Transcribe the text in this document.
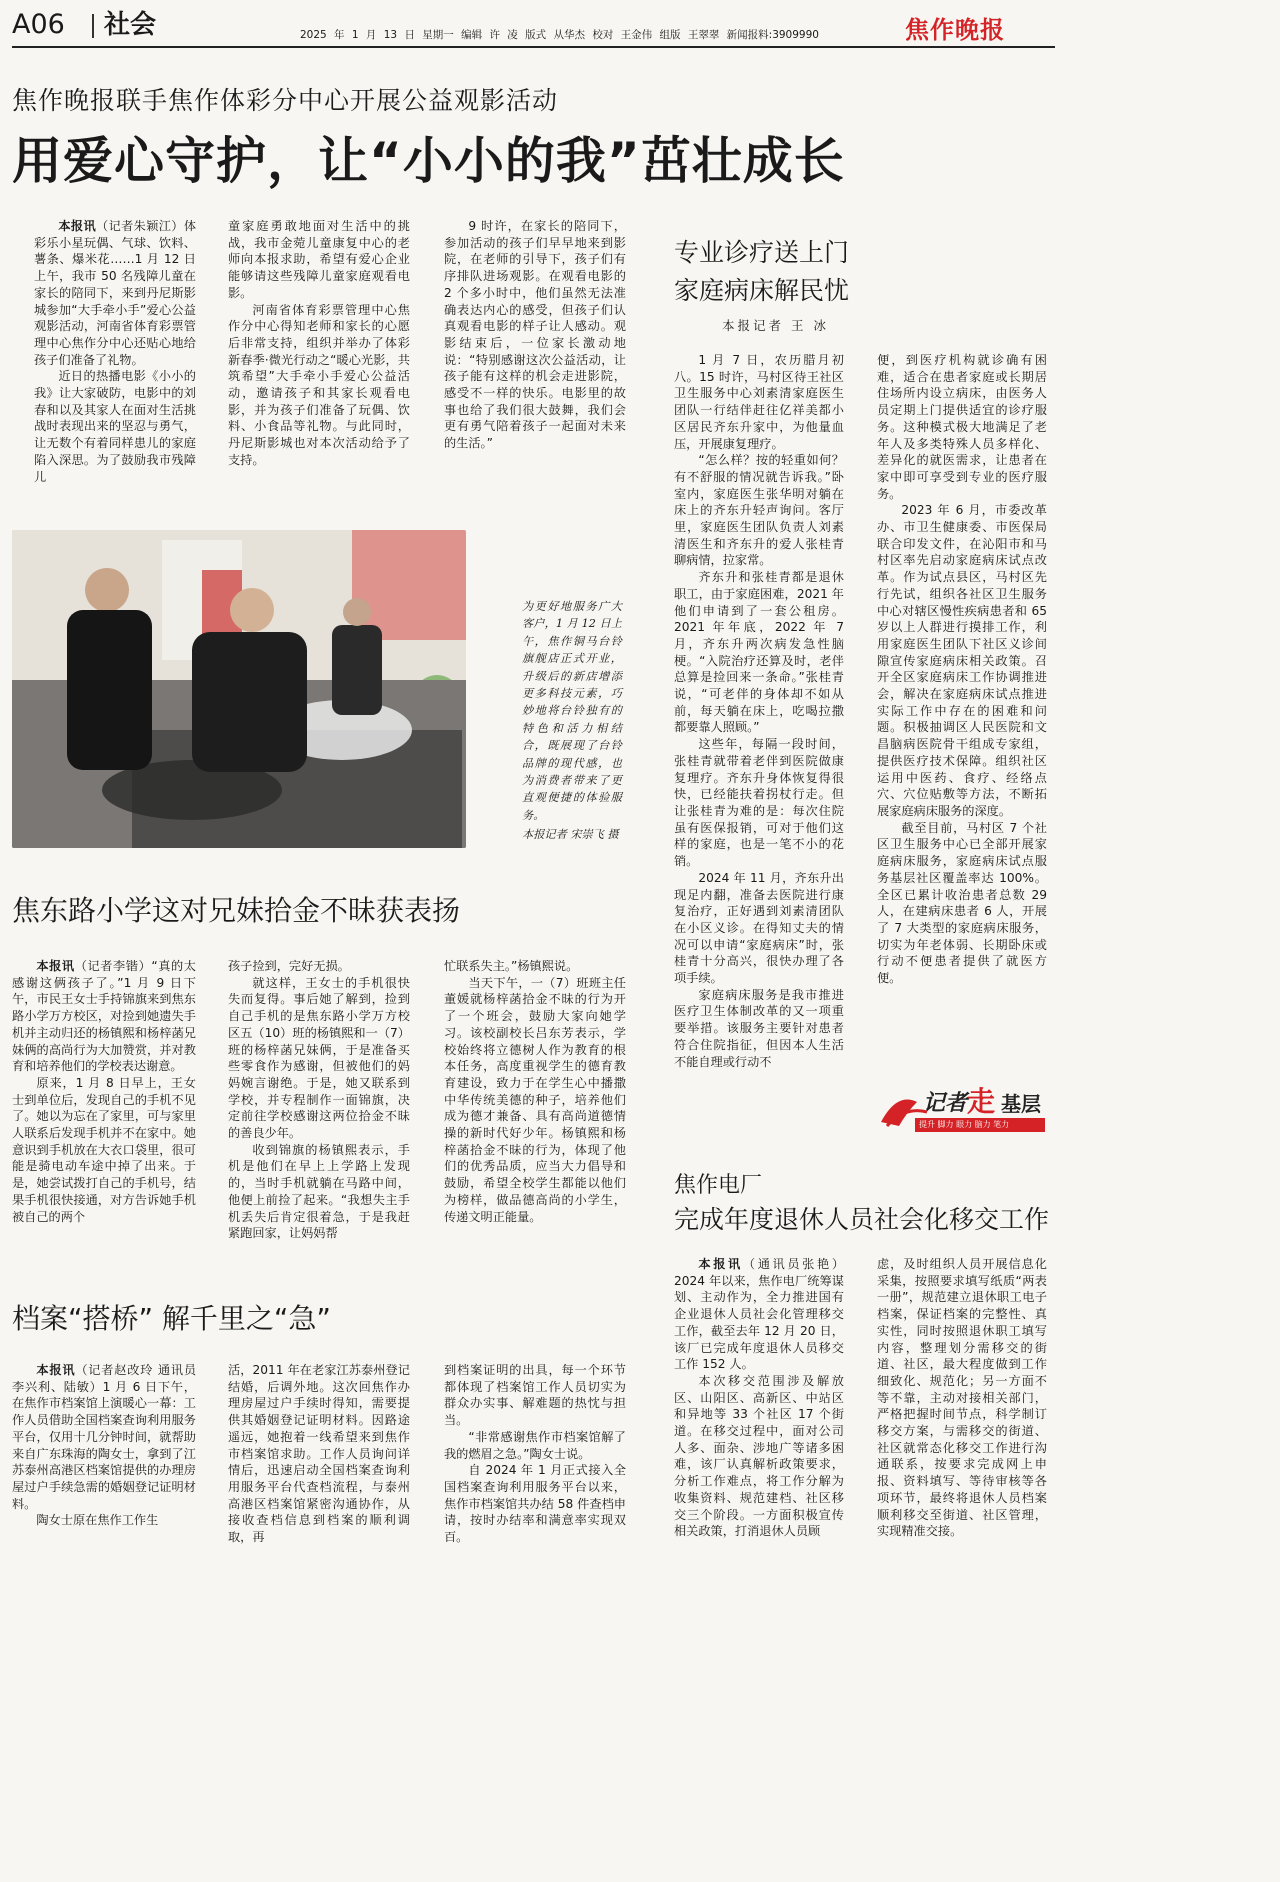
A06 社会	2025 年 1 月 13 日 星期一 编辑 许 凌 版式 从华杰 校对 王金伟 组版 王翠翠 新闻报料:3909990	焦作晚报
焦作晚报联手焦作体彩分中心开展公益观影活动
用爱心守护，让“小小的我”茁壮成长

本报讯（记者朱颖江）体彩乐小星玩偶、气球、饮料、薯条、爆米花……1 月 12 日上午，我市 50 名残障儿童在家长的陪同下，来到丹尼斯影城参加“大手牵小手”爱心公益观影活动，河南省体育彩票管理中心焦作分中心还贴心地给孩子们准备了礼物。

近日的热播电影《小小的我》让大家破防，电影中的刘春和以及其家人在面对生活挑战时表现出来的坚忍与勇气，让无数个有着同样患儿的家庭陷入深思。为了鼓励我市残障儿

童家庭勇敢地面对生活中的挑战，我市金菀儿童康复中心的老师向本报求助，希望有爱心企业能够请这些残障儿童家庭观看电影。

河南省体育彩票管理中心焦作分中心得知老师和家长的心愿后非常支持，组织并举办了体彩新春季·微光行动之“暖心光影，共筑希望”大手牵小手爱心公益活动，邀请孩子和其家长观看电影，并为孩子们准备了玩偶、饮料、小食品等礼物。与此同时，丹尼斯影城也对本次活动给予了支持。

9 时许，在家长的陪同下，参加活动的孩子们早早地来到影院，在老师的引导下，孩子们有序排队进场观影。在观看电影的 2 个多小时中，他们虽然无法准确表达内心的感受，但孩子们认真观看电影的样子让人感动。观影结束后，一位家长激动地说：“特别感谢这次公益活动，让孩子能有这样的机会走进影院，感受不一样的快乐。电影里的故事也给了我们很大鼓舞，我们会更有勇气陪着孩子一起面对未来的生活。”

为更好地服务广大客户，1 月 12 日上午，焦作铜马台铃旗舰店正式开业，升级后的新店增添更多科技元素，巧妙地将台铃独有的特色和活力相结合，既展现了台铃品牌的现代感，也为消费者带来了更直观便捷的体验服务。
本报记者 宋崇飞 摄
焦东路小学这对兄妹拾金不昧获表扬

本报讯（记者李锴）“真的太感谢这俩孩子了。”1 月 9 日下午，市民王女士手持锦旗来到焦东路小学万方校区，对捡到她遗失手机并主动归还的杨镇熙和杨梓菡兄妹俩的高尚行为大加赞赏，并对教育和培养他们的学校表达谢意。

原来，1 月 8 日早上，王女士到单位后，发现自己的手机不见了。她以为忘在了家里，可与家里人联系后发现手机并不在家中。她意识到手机放在大衣口袋里，很可能是骑电动车途中掉了出来。于是，她尝试拨打自己的手机号，结果手机很快接通，对方告诉她手机被自己的两个

孩子捡到，完好无损。

就这样，王女士的手机很快失而复得。事后她了解到，捡到自己手机的是焦东路小学万方校区五（10）班的杨镇熙和一（7）班的杨梓菡兄妹俩，于是准备买些零食作为感谢，但被他们的妈妈婉言谢绝。于是，她又联系到学校，并专程制作一面锦旗，决定前往学校感谢这两位拾金不昧的善良少年。

收到锦旗的杨镇熙表示，手机是他们在早上上学路上发现的，当时手机就躺在马路中间，他便上前捡了起来。“我想失主手机丢失后肯定很着急，于是我赶紧跑回家，让妈妈帮

忙联系失主。”杨镇熙说。

当天下午，一（7）班班主任董媛就杨梓菡拾金不昧的行为开了一个班会，鼓励大家向她学习。该校副校长吕东芳表示，学校始终将立德树人作为教育的根本任务，高度重视学生的德育教育建设，致力于在学生心中播撒中华传统美德的种子，培养他们成为德才兼备、具有高尚道德情操的新时代好少年。杨镇熙和杨梓菡拾金不昧的行为，体现了他们的优秀品质，应当大力倡导和鼓励，希望全校学生都能以他们为榜样，做品德高尚的小学生，传递文明正能量。

档案“搭桥” 解千里之“急”

本报讯（记者赵改玲 通讯员李兴利、陆敏）1 月 6 日下午，在焦作市档案馆上演暖心一幕：工作人员借助全国档案查询利用服务平台，仅用十几分钟时间，就帮助来自广东珠海的陶女士，拿到了江苏泰州高港区档案馆提供的办理房屋过户手续急需的婚姻登记证明材料。

陶女士原在焦作工作生

活，2011 年在老家江苏泰州登记结婚，后调外地。这次回焦作办理房屋过户手续时得知，需要提供其婚姻登记证明材料。因路途遥远，她抱着一线希望来到焦作市档案馆求助。工作人员询问详情后，迅速启动全国档案查询利用服务平台代查档流程，与泰州高港区档案馆紧密沟通协作，从接收查档信息到档案的顺利调取，再

到档案证明的出具，每一个环节都体现了档案馆工作人员切实为群众办实事、解难题的热忱与担当。

“非常感谢焦作市档案馆解了我的燃眉之急。”陶女士说。

自 2024 年 1 月正式接入全国档案查询利用服务平台以来，焦作市档案馆共办结 58 件查档申请，按时办结率和满意率实现双百。

专业诊疗送上门
家庭病床解民忧
本报记者 王 冰

1 月 7 日，农历腊月初八。15 时许，马村区待王社区卫生服务中心刘素清家庭医生团队一行结伴赶往亿祥美都小区居民齐东升家中，为他量血压，开展康复理疗。

“怎么样？按的轻重如何？有不舒服的情况就告诉我。”卧室内，家庭医生张华明对躺在床上的齐东升轻声询问。客厅里，家庭医生团队负责人刘素清医生和齐东升的爱人张桂青聊病情，拉家常。

齐东升和张桂青都是退休职工，由于家庭困难，2021 年他们申请到了一套公租房。2021 年年底，2022 年 7 月，齐东升两次病发急性脑梗。“入院治疗还算及时，老伴总算是捡回来一条命。”张桂青说，“可老伴的身体却不如从前，每天躺在床上，吃喝拉撒都要靠人照顾。”

这些年，每隔一段时间，张桂青就带着老伴到医院做康复理疗。齐东升身体恢复得很快，已经能扶着拐杖行走。但让张桂青为难的是：每次住院虽有医保报销，可对于他们这样的家庭，也是一笔不小的花销。

2024 年 11 月，齐东升出现足内翻，准备去医院进行康复治疗，正好遇到刘素清团队在小区义诊。在得知丈夫的情况可以申请“家庭病床”时，张桂青十分高兴，很快办理了各项手续。

家庭病床服务是我市推进医疗卫生体制改革的又一项重要举措。该服务主要针对患者符合住院指征，但因本人生活不能自理或行动不

便，到医疗机构就诊确有困难，适合在患者家庭或长期居住场所内设立病床，由医务人员定期上门提供适宜的诊疗服务。这种模式极大地满足了老年人及多类特殊人员多样化、差异化的就医需求，让患者在家中即可享受到专业的医疗服务。

2023 年 6 月，市委改革办、市卫生健康委、市医保局联合印发文件，在沁阳市和马村区率先启动家庭病床试点改革。作为试点县区，马村区先行先试，组织各社区卫生服务中心对辖区慢性疾病患者和 65 岁以上人群进行摸排工作，利用家庭医生团队下社区义诊间隙宣传家庭病床相关政策。召开全区家庭病床工作协调推进会，解决在家庭病床试点推进实际工作中存在的困难和问题。积极抽调区人民医院和文昌脑病医院骨干组成专家组，提供医疗技术保障。组织社区运用中医药、食疗、经络点穴、穴位贴敷等方法，不断拓展家庭病床服务的深度。

截至目前，马村区 7 个社区卫生服务中心已全部开展家庭病床服务，家庭病床试点服务基层社区覆盖率达 100%。全区已累计收治患者总数 29 人，在建病床患者 6 人，开展了 7 大类型的家庭病床服务，切实为年老体弱、长期卧床或行动不便患者提供了就医方便。

记者 走 基层
提升 脚力 眼力 脑力 笔力
焦作电厂
完成年度退休人员社会化移交工作

本报讯（通讯员张艳）2024 年以来，焦作电厂统筹谋划、主动作为，全力推进国有企业退休人员社会化管理移交工作，截至去年 12 月 20 日，该厂已完成年度退休人员移交工作 152 人。

本次移交范围涉及解放区、山阳区、高新区、中站区和异地等 33 个社区 17 个街道。在移交过程中，面对公司人多、面杂、涉地广等诸多困难，该厂认真解析政策要求，分析工作难点，将工作分解为收集资料、规范建档、社区移交三个阶段。一方面积极宣传相关政策，打消退休人员顾

虑，及时组织人员开展信息化采集，按照要求填写纸质“两表一册”，规范建立退休职工电子档案，保证档案的完整性、真实性，同时按照退休职工填写内容，整理划分需移交的街道、社区，最大程度做到工作细致化、规范化；另一方面不等不靠，主动对接相关部门，严格把握时间节点，科学制订移交方案，与需移交的街道、社区就常态化移交工作进行沟通联系，按要求完成网上申报、资料填写、等待审核等各项环节，最终将退休人员档案顺利移交至街道、社区管理，实现精准交接。
